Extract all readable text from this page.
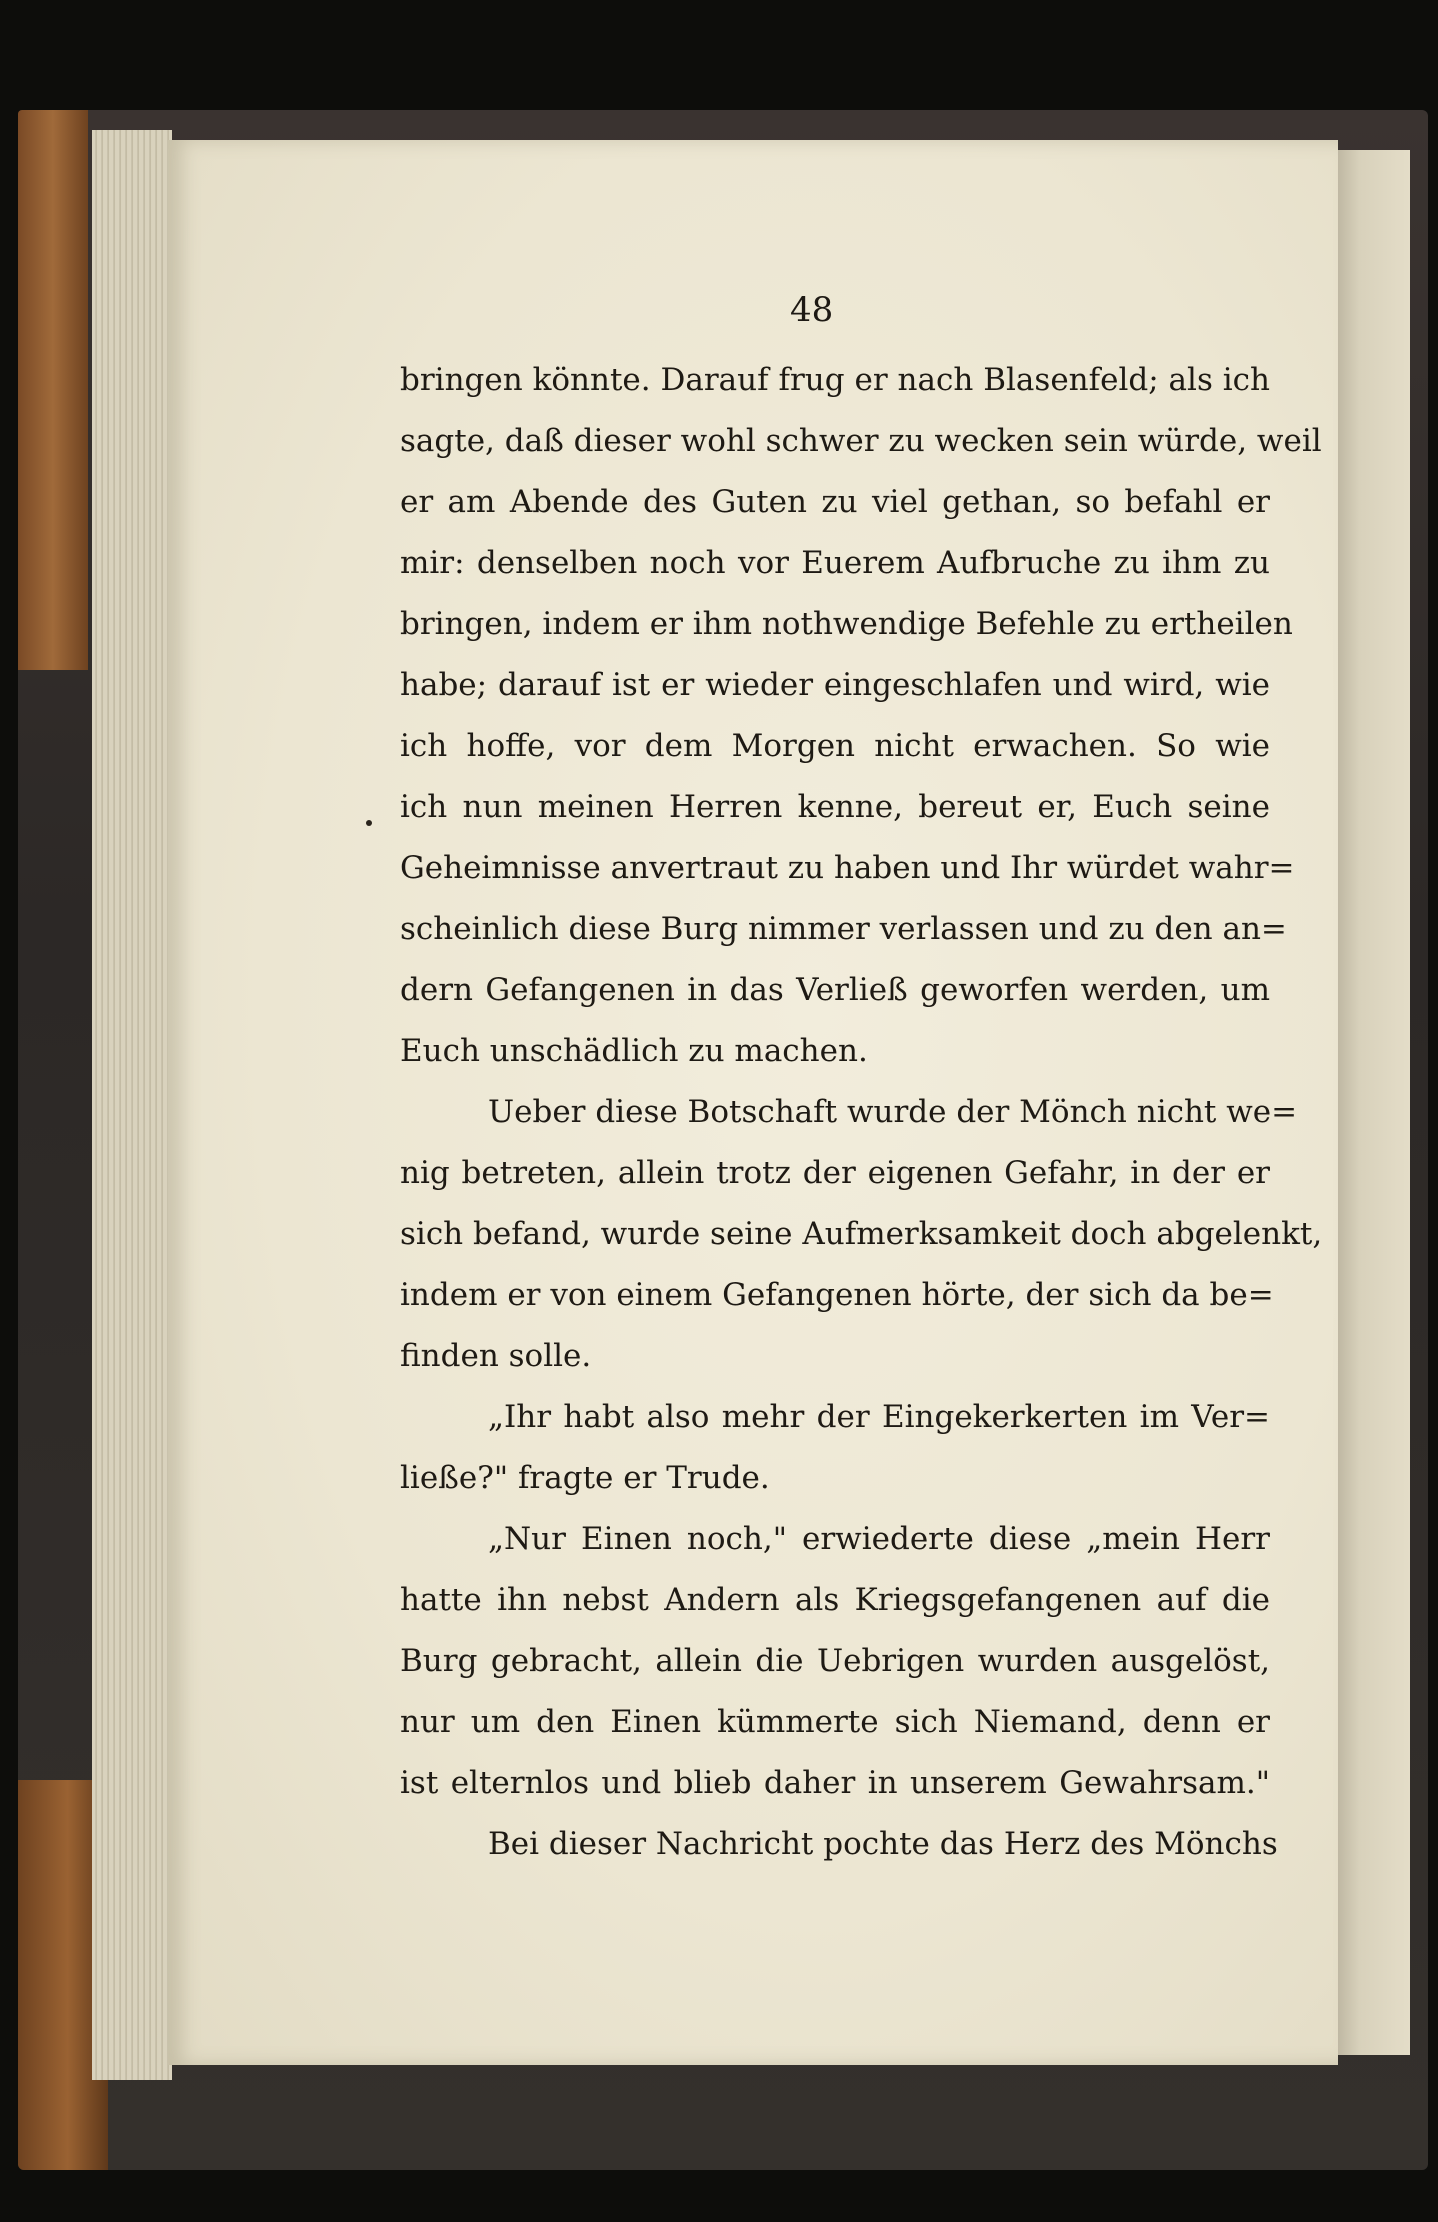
48
bringen könnte. Darauf frug er nach Blasenfeld; als ich
sagte, daß dieser wohl schwer zu wecken sein würde, weil
er am Abende des Guten zu viel gethan, so befahl er
mir: denselben noch vor Euerem Aufbruche zu ihm zu
bringen, indem er ihm nothwendige Befehle zu ertheilen
habe; darauf ist er wieder eingeschlafen und wird, wie
ich hoffe, vor dem Morgen nicht erwachen. So wie
ich nun meinen Herren kenne, bereut er, Euch seine
Geheimnisse anvertraut zu haben und Ihr würdet wahr=
scheinlich diese Burg nimmer verlassen und zu den an=
dern Gefangenen in das Verließ geworfen werden, um
Euch unschädlich zu machen.
Ueber diese Botschaft wurde der Mönch nicht we=
nig betreten, allein trotz der eigenen Gefahr, in der er
sich befand, wurde seine Aufmerksamkeit doch abgelenkt,
indem er von einem Gefangenen hörte, der sich da be=
finden solle.
„Ihr habt also mehr der Eingekerkerten im Ver=
ließe?" fragte er Trude.
„Nur Einen noch," erwiederte diese „mein Herr
hatte ihn nebst Andern als Kriegsgefangenen auf die
Burg gebracht, allein die Uebrigen wurden ausgelöst,
nur um den Einen kümmerte sich Niemand, denn er
ist elternlos und blieb daher in unserem Gewahrsam."
Bei dieser Nachricht pochte das Herz des Mönchs
